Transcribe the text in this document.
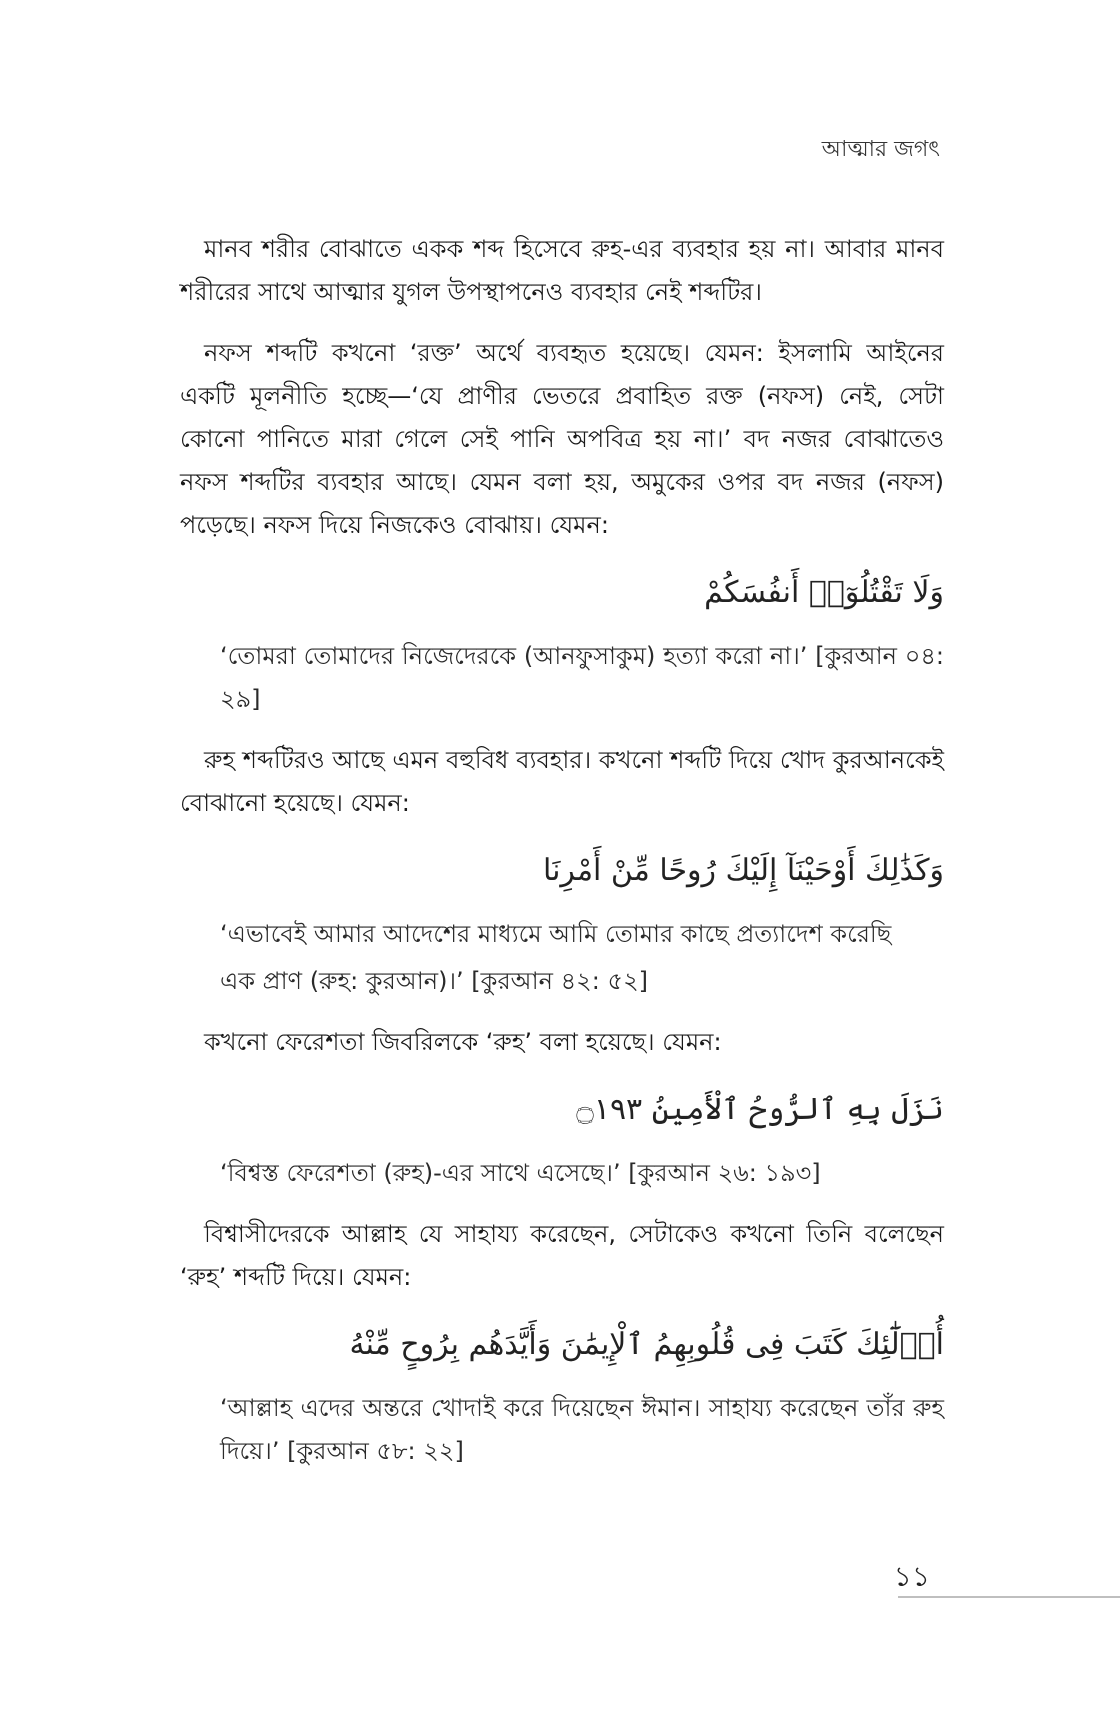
আত্মার জগৎ

মানব শরীর বোঝাতে একক শব্দ হিসেবে রুহ-এর ব্যবহার হয় না। আবার মানব শরীরের সাথে আত্মার যুগল উপস্থাপনেও ব্যবহার নেই শব্দটির।

নফস শব্দটি কখনো ‘রক্ত’ অর্থে ব্যবহৃত হয়েছে। যেমন: ইসলামি আইনের একটি মূলনীতি হচ্ছে—‘যে প্রাণীর ভেতরে প্রবাহিত রক্ত (নফস) নেই, সেটা কোনো পানিতে মারা গেলে সেই পানি অপবিত্র হয় না।’ বদ নজর বোঝাতেও নফস শব্দটির ব্যবহার আছে। যেমন বলা হয়, অমুকের ওপর বদ নজর (নফস) পড়েছে। নফস দিয়ে নিজকেও বোঝায়। যেমন:

وَلَا تَقْتُلُوٓا۟ أَنفُسَكُمْ

‘তোমরা তোমাদের নিজেদেরকে (আনফুসাকুম) হত্যা করো না।’ [কুরআন ০৪: ২৯]

রুহ শব্দটিরও আছে এমন বহুবিধ ব্যবহার। কখনো শব্দটি দিয়ে খোদ কুরআনকেই বোঝানো হয়েছে। যেমন:

وَكَذَٰلِكَ أَوْحَيْنَآ إِلَيْكَ رُوحًا مِّنْ أَمْرِنَا

‘এভাবেই আমার আদেশের মাধ্যমে আমি তোমার কাছে প্রত্যাদেশ করেছি

এক প্রাণ (রুহ: কুরআন)।’ [কুরআন ৪২: ৫২]

কখনো ফেরেশতা জিবরিলকে ‘রুহ’ বলা হয়েছে। যেমন:

نَزَلَ بِهِ ٱلرُّوحُ ٱلْأَمِينُ ۝١٩٣

‘বিশ্বস্ত ফেরেশতা (রুহ)-এর সাথে এসেছে।’ [কুরআন ২৬: ১৯৩]

বিশ্বাসীদেরকে আল্লাহ যে সাহায্য করেছেন, সেটাকেও কখনো তিনি বলেছেন ‘রুহ’ শব্দটি দিয়ে। যেমন:

أُو۟لَٰٓئِكَ كَتَبَ فِى قُلُوبِهِمُ ٱلْإِيمَٰنَ وَأَيَّدَهُم بِرُوحٍ مِّنْهُ

‘আল্লাহ এদের অন্তরে খোদাই করে দিয়েছেন ঈমান। সাহায্য করেছেন তাঁর রুহ দিয়ে।’ [কুরআন ৫৮: ২২]

১১
